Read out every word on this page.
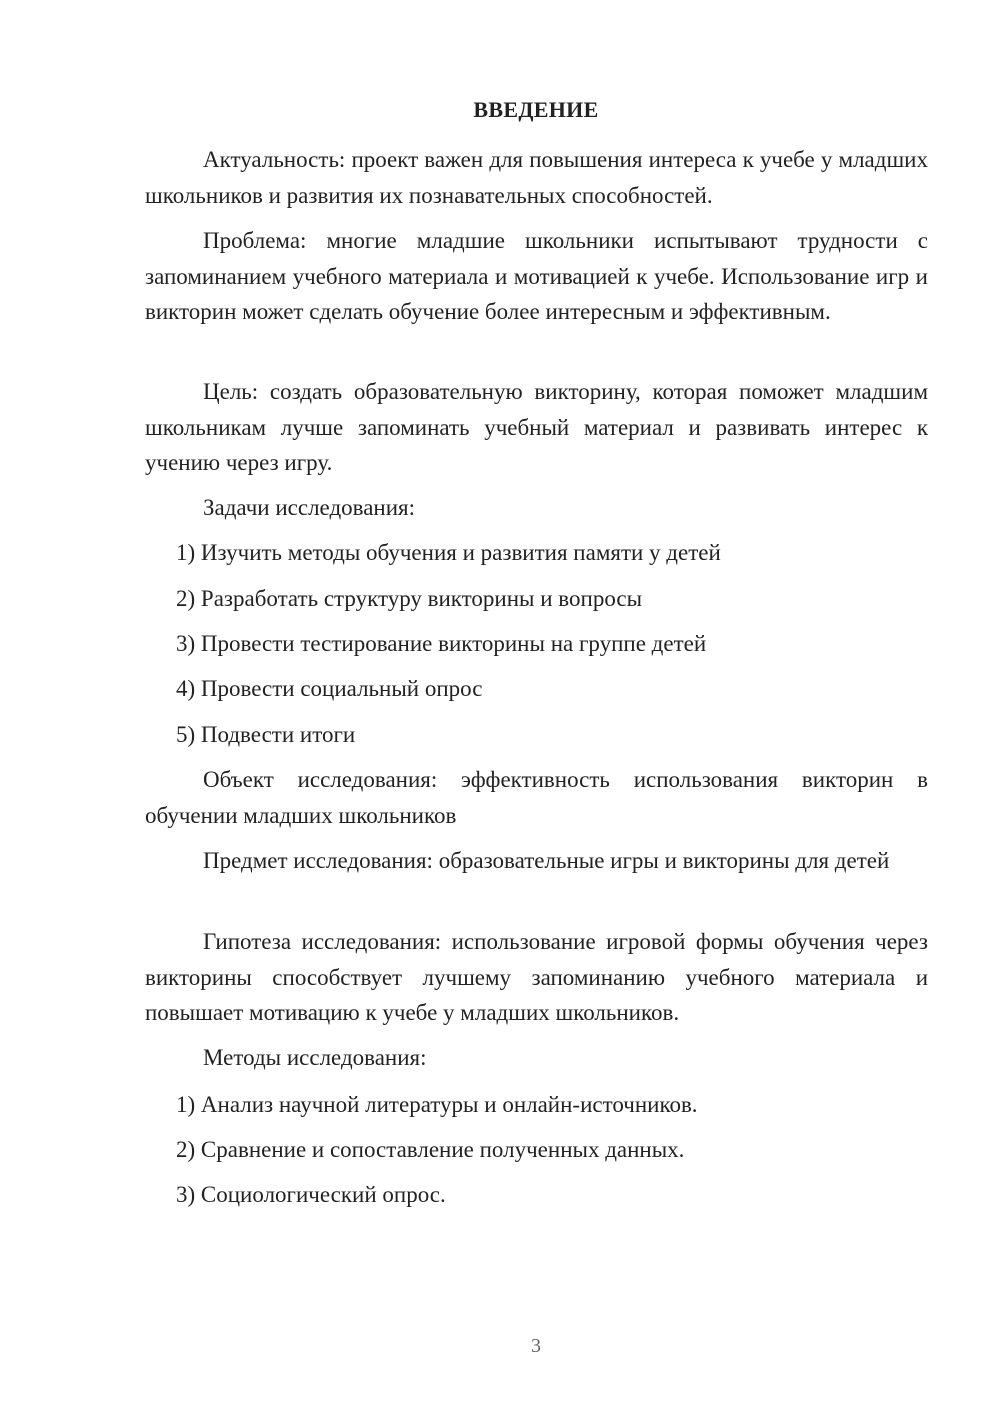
ВВЕДЕНИЕ

Актуальность: проект важен для повышения интереса к учебе у младших школьников и развития их познавательных способностей.

Проблема: многие младшие школьники испытывают трудности с запоминанием учебного материала и мотивацией к учебе. Использование игр и викторин может сделать обучение более интересным и эффективным.

Цель: создать образовательную викторину, которая поможет младшим школьникам лучше запоминать учебный материал и развивать интерес к учению через игру.

Задачи исследования:

1) Изучить методы обучения и развития памяти у детей

2) Разработать структуру викторины и вопросы

3) Провести тестирование викторины на группе детей

4) Провести социальный опрос

5) Подвести итоги

Объект исследования: эффективность использования викторин в обучении младших школьников

Предмет исследования: образовательные игры и викторины для детей

Гипотеза исследования: использование игровой формы обучения через викторины способствует лучшему запоминанию учебного материала и повышает мотивацию к учебе у младших школьников.

Методы исследования:

1) Анализ научной литературы и онлайн-источников.

2) Сравнение и сопоставление полученных данных.

3) Социологический опрос.

3
